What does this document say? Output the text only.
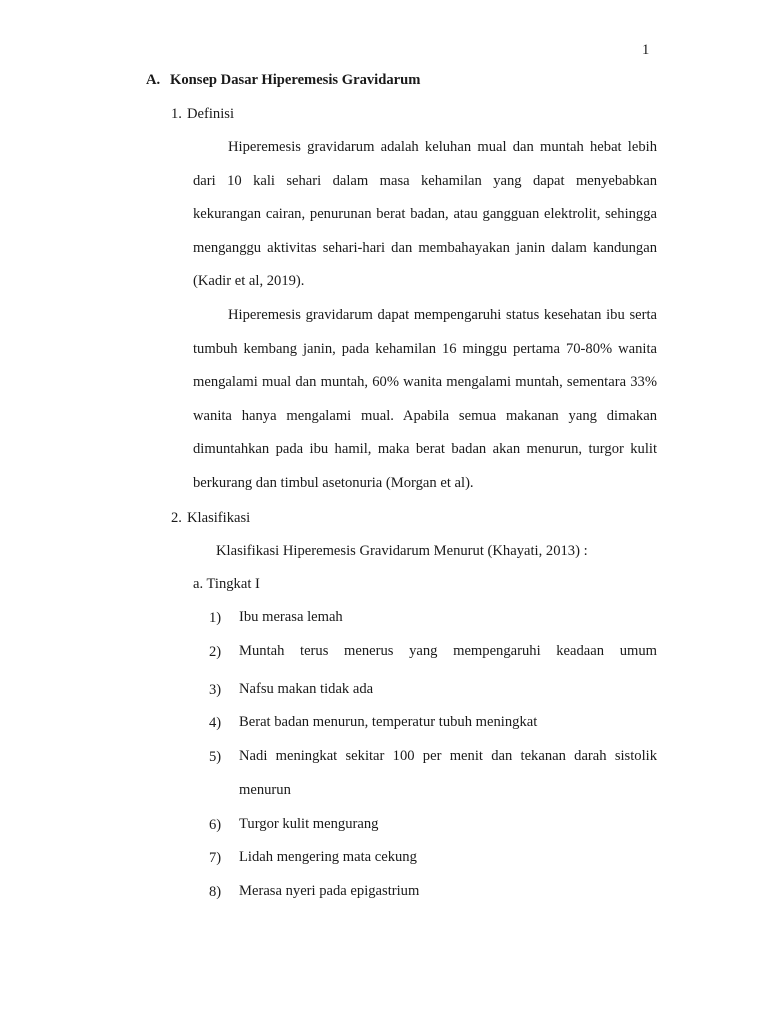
1
A. Konsep Dasar Hiperemesis Gravidarum
1. Definisi

Hiperemesis gravidarum adalah keluhan mual dan muntah hebat lebih dari 10 kali sehari dalam masa kehamilan yang dapat menyebabkan kekurangan cairan, penurunan berat badan, atau gangguan elektrolit, sehingga menganggu aktivitas sehari-hari dan membahayakan janin dalam kandungan (Kadir et al, 2019).

Hiperemesis gravidarum dapat mempengaruhi status kesehatan ibu serta tumbuh kembang janin, pada kehamilan 16 minggu pertama 70-80% wanita mengalami mual dan muntah, 60% wanita mengalami muntah, sementara 33% wanita hanya mengalami mual. Apabila semua makanan yang dimakan dimuntahkan pada ibu hamil, maka berat badan akan menurun, turgor kulit berkurang dan timbul asetonuria (Morgan et al).

2. Klasifikasi
Klasifikasi Hiperemesis Gravidarum Menurut (Khayati, 2013) :
a. Tingkat I
1) Ibu merasa lemah
2) Muntah terus menerus yang mempengaruhi keadaan umum
3) Nafsu makan tidak ada
4) Berat badan menurun, temperatur tubuh meningkat
5) Nadi meningkat sekitar 100 per menit dan tekanan darah sistolik menurun
6) Turgor kulit mengurang
7) Lidah mengering mata cekung
8) Merasa nyeri pada epigastrium
